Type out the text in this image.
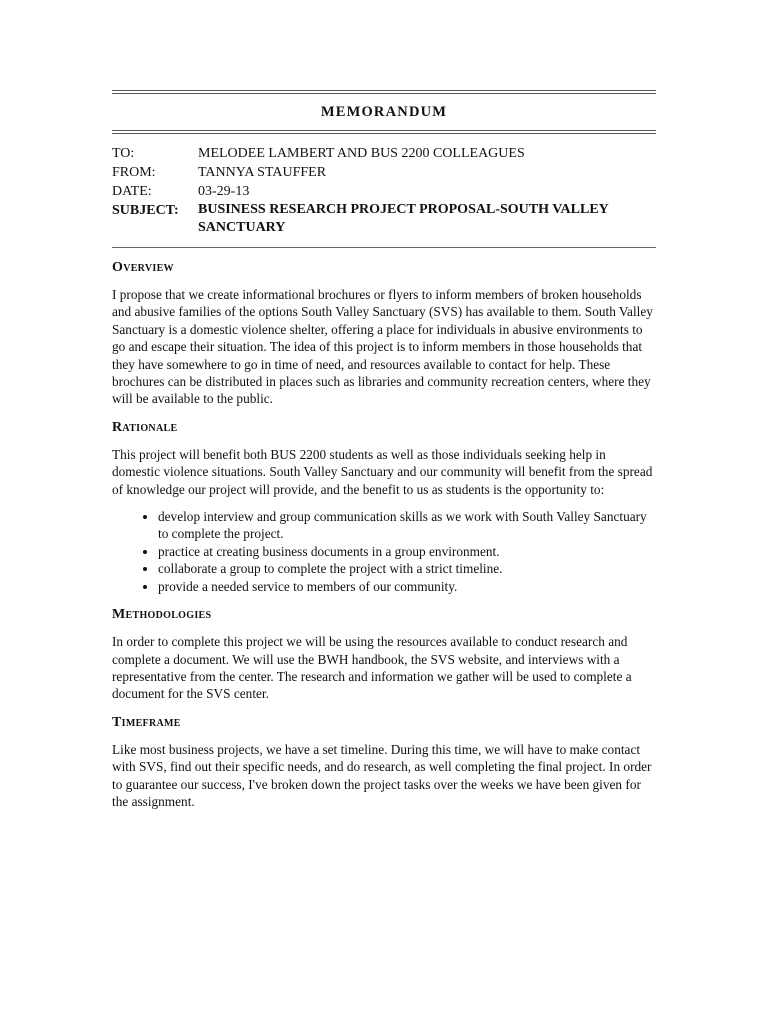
MEMORANDUM
TO:	MELODEE LAMBERT AND BUS 2200 COLLEAGUES
FROM:	TANNYA STAUFFER
DATE:	03-29-13
SUBJECT:	BUSINESS RESEARCH PROJECT PROPOSAL-SOUTH VALLEY SANCTUARY
Overview

I propose that we create informational brochures or flyers to inform members of broken households and abusive families of the options South Valley Sanctuary (SVS) has available to them. South Valley Sanctuary is a domestic violence shelter, offering a place for individuals in abusive environments to go and escape their situation. The idea of this project is to inform members in those households that they have somewhere to go in time of need, and resources available to contact for help. These brochures can be distributed in places such as libraries and community recreation centers, where they will be available to the public.

Rationale

This project will benefit both BUS 2200 students as well as those individuals seeking help in domestic violence situations. South Valley Sanctuary and our community will benefit from the spread of knowledge our project will provide, and the benefit to us as students is the opportunity to:

• develop interview and group communication skills as we work with South Valley Sanctuary to complete the project.
• practice at creating business documents in a group environment.
• collaborate a group to complete the project with a strict timeline.
• provide a needed service to members of our community.
Methodologies

In order to complete this project we will be using the resources available to conduct research and complete a document. We will use the BWH handbook, the SVS website, and interviews with a representative from the center. The research and information we gather will be used to complete a document for the SVS center.

Timeframe

Like most business projects, we have a set timeline. During this time, we will have to make contact with SVS, find out their specific needs, and do research, as well completing the final project. In order to guarantee our success, I've broken down the project tasks over the weeks we have been given for the assignment.
